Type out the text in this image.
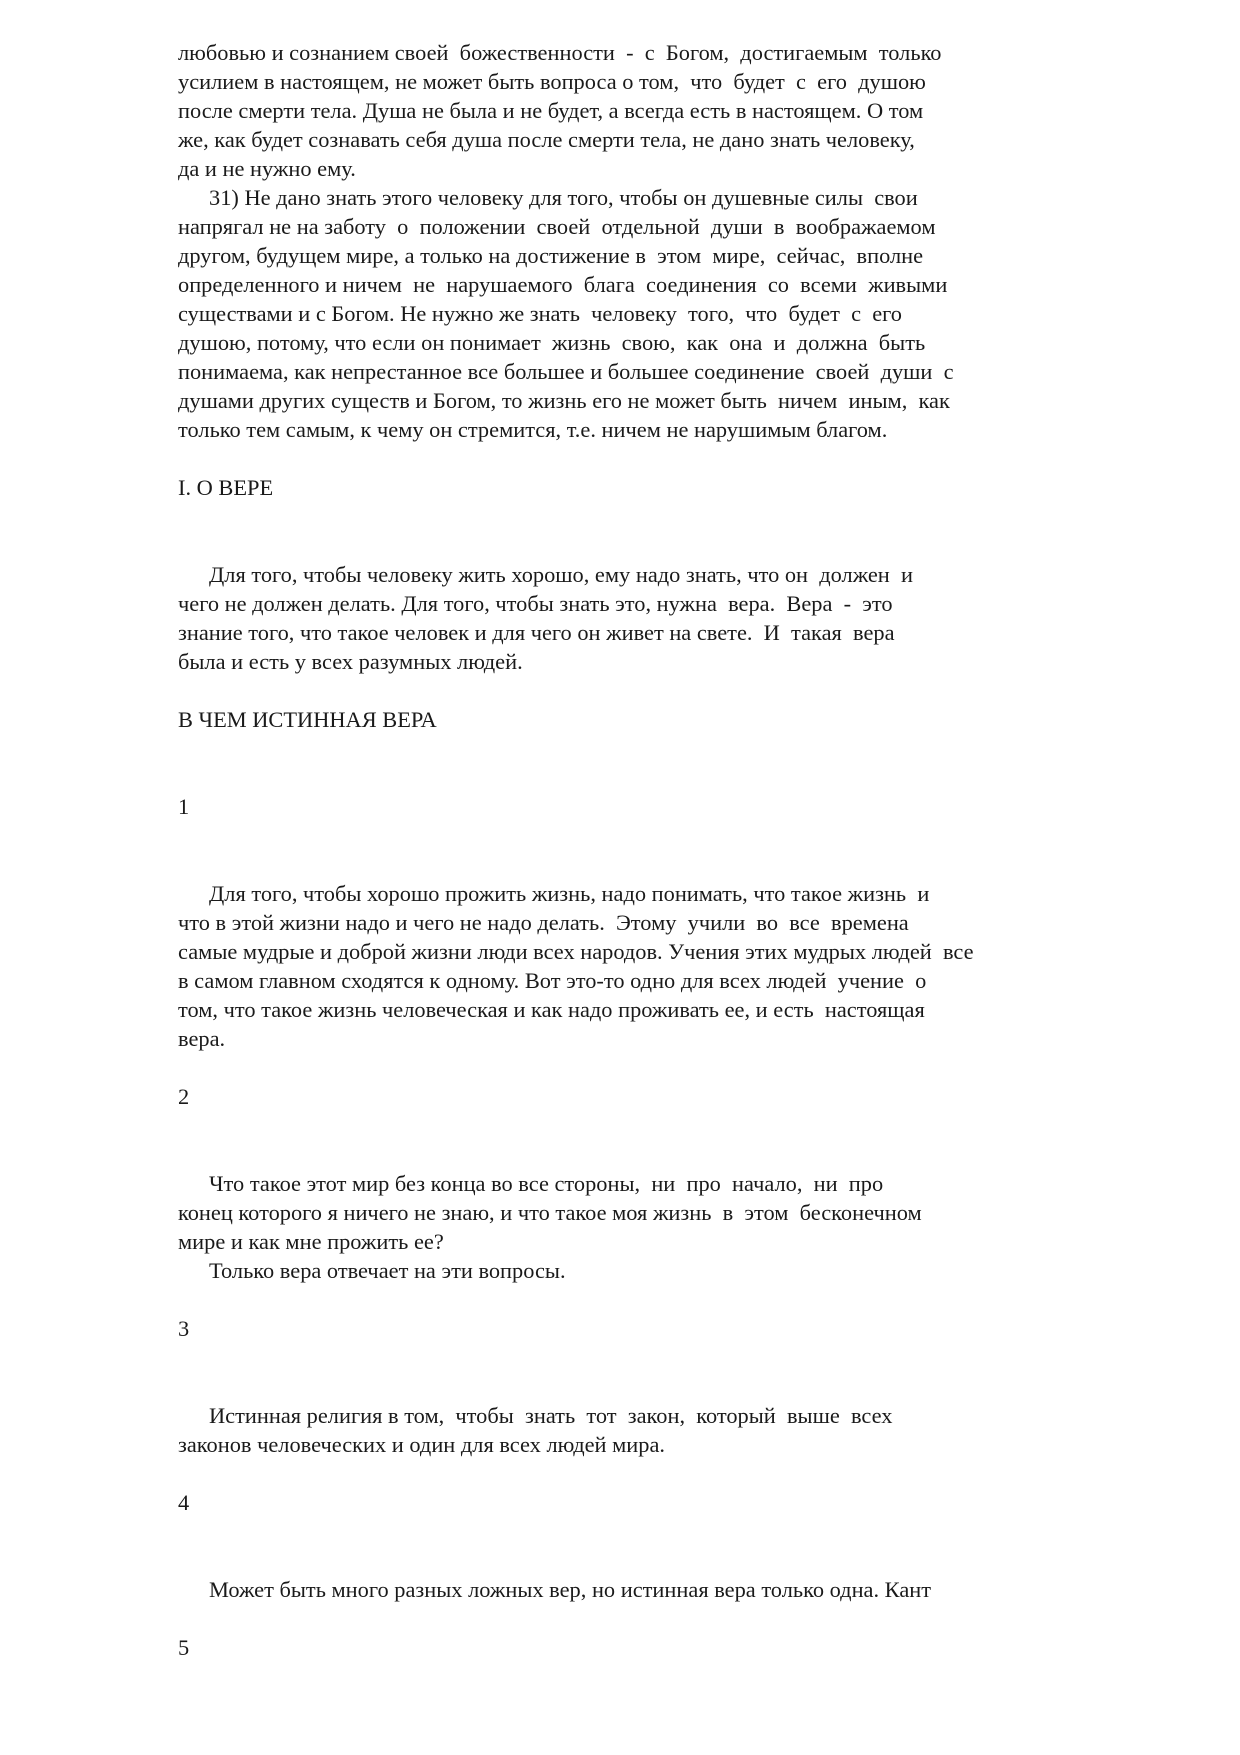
любовью и сознанием своей  божественности  -  с  Богом,  достигаемым  только
усилием в настоящем, не может быть вопроса о том,  что  будет  с  его  душою
после смерти тела. Душа не была и не будет, а всегда есть в настоящем. О том
же, как будет сознавать себя душа после смерти тела, не дано знать человеку,
да и не нужно ему.
31) Не дано знать этого человеку для того, чтобы он душевные силы  свои
напрягал не на заботу  о  положении  своей  отдельной  души  в  воображаемом
другом, будущем мире, а только на достижение в  этом  мире,  сейчас,  вполне
определенного и ничем  не  нарушаемого  блага  соединения  со  всеми  живыми
существами и с Богом. Не нужно же знать  человеку  того,  что  будет  с  его
душою, потому, что если он понимает  жизнь  свою,  как  она  и  должна  быть
понимаема, как непрестанное все большее и большее соединение  своей  души  с
душами других существ и Богом, то жизнь его не может быть  ничем  иным,  как
только тем самым, к чему он стремится, т.е. ничем не нарушимым благом.
I. О ВЕРЕ
Для того, чтобы человеку жить хорошо, ему надо знать, что он  должен  и
чего не должен делать. Для того, чтобы знать это, нужна  вера.  Вера  -  это
знание того, что такое человек и для чего он живет на свете.  И  такая  вера
была и есть у всех разумных людей.
В ЧЕМ ИСТИННАЯ ВЕРА
1
Для того, чтобы хорошо прожить жизнь, надо понимать, что такое жизнь  и
что в этой жизни надо и чего не надо делать.  Этому  учили  во  все  времена
самые мудрые и доброй жизни люди всех народов. Учения этих мудрых людей  все
в самом главном сходятся к одному. Вот это-то одно для всех людей  учение  о
том, что такое жизнь человеческая и как надо проживать ее, и есть  настоящая
вера.
2
Что такое этот мир без конца во все стороны,  ни  про  начало,  ни  про
конец которого я ничего не знаю, и что такое моя жизнь  в  этом  бесконечном
мире и как мне прожить ее?
Только вера отвечает на эти вопросы.
3
Истинная религия в том,  чтобы  знать  тот  закон,  который  выше  всех
законов человеческих и один для всех людей мира.
4
Может быть много разных ложных вер, но истинная вера только одна. Кант
5
